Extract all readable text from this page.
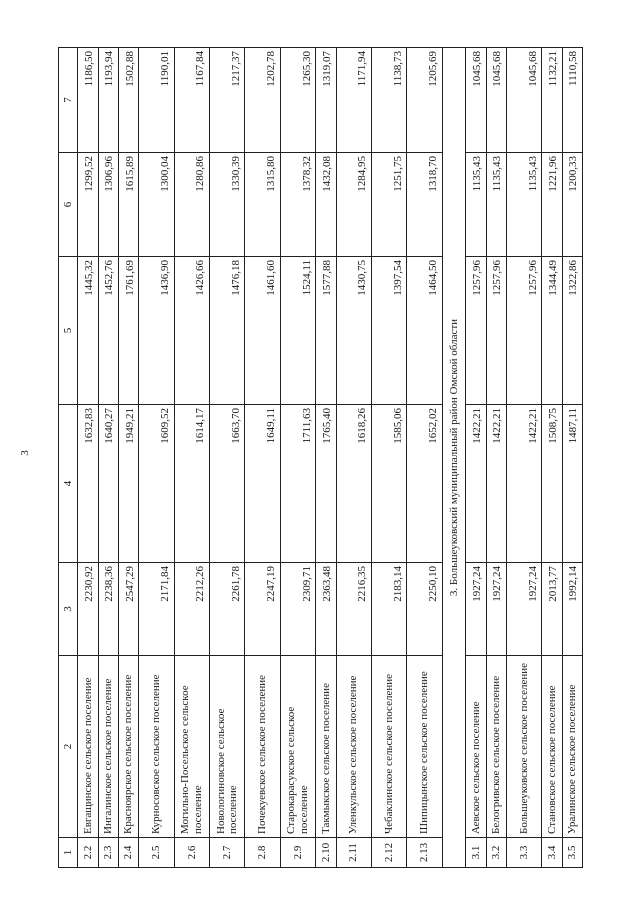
3
1	2	3	4	5	6	7
2.2	Евгащинское сельское поселение	2230,92	1632,83	1445,32	1299,52	1186,50
2.3	Ингалинское сельское поселение	2238,36	1640,27	1452,76	1306,96	1193,94
2.4	Красноярское сельское поселение	2547,29	1949,21	1761,69	1615,89	1502,88
2.5	Курносовское сельское поселение	2171,84	1609,52	1436,90	1300,04	1190,01
2.6	Могильно-Посельское сельское поселение	2212,26	1614,17	1426,66	1280,86	1167,84
2.7	Новологиновское сельское поселение	2261,78	1663,70	1476,18	1330,39	1217,37
2.8	Почекуевское сельское поселение	2247,19	1649,11	1461,60	1315,80	1202,78
2.9	Старокарасукское сельское поселение	2309,71	1711,63	1524,11	1378,32	1265,30
2.10	Такмыкское сельское поселение	2363,48	1765,40	1577,88	1432,08	1319,07
2.11	Уленкульское сельское поселение	2216,35	1618,26	1430,75	1284,95	1171,94
2.12	Чебаклинское сельское поселение	2183,14	1585,06	1397,54	1251,75	1138,73
2.13	Шипицынское сельское поселение	2250,10	1652,02	1464,50	1318,70	1205,69
3. Большеуковский муниципальный район Омской области						
3.1	Аевское сельское поселение	1927,24	1422,21	1257,96	1135,43	1045,68
3.2	Белогривское сельское поселение	1927,24	1422,21	1257,96	1135,43	1045,68
3.3	Большеуковское сельское поселение	1927,24	1422,21	1257,96	1135,43	1045,68
3.4	Становское сельское поселение	2013,77	1508,75	1344,49	1221,96	1132,21
3.5	Уралинское сельское поселение	1992,14	1487,11	1322,86	1200,33	1110,58
